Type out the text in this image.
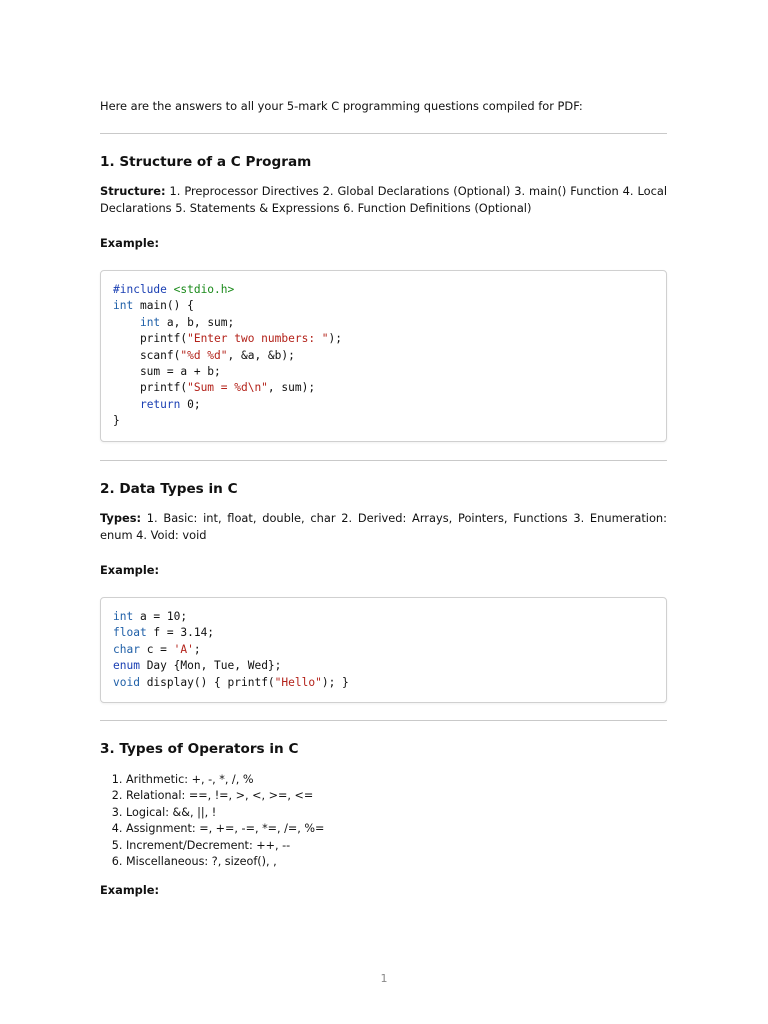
Here are the answers to all your 5-mark C programming questions compiled for PDF:

1. Structure of a C Program

Structure: 1. Preprocessor Directives 2. Global Declarations (Optional) 3. main() Function 4. Local Declarations 5. Statements & Expressions 6. Function Definitions (Optional)

Example:

#include <stdio.h>
int main() {
int a, b, sum;
printf("Enter two numbers: ");
scanf("%d %d", &a, &b);
sum = a + b;
printf("Sum = %d\n", sum);
return 0;
}
2. Data Types in C

Types: 1. Basic: int, float, double, char 2. Derived: Arrays, Pointers, Functions 3. Enumeration: enum 4. Void: void

Example:

int a = 10;
float f = 3.14;
char c = 'A';
enum Day {Mon, Tue, Wed};
void display() { printf("Hello"); }
3. Types of Operators in C
1. Arithmetic: +, -, *, /, %
2. Relational: ==, !=, >, <, >=, <=
3. Logical: &&, ||, !
4. Assignment: =, +=, -=, *=, /=, %=
5. Increment/Decrement: ++, --
6. Miscellaneous: ?, sizeof(), ,

Example:

1
